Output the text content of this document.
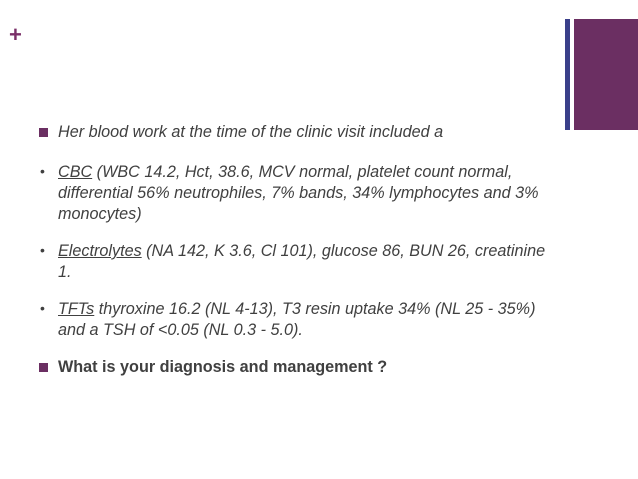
+
Her blood work at the time of the clinic visit included a
• CBC (WBC 14.2, Hct, 38.6, MCV normal, platelet count normal, differential 56% neutrophiles, 7% bands, 34% lymphocytes and 3% monocytes)
• Electrolytes (NA 142, K 3.6, Cl 101), glucose 86, BUN 26, creatinine 1.
• TFTs thyroxine 16.2 (NL 4-13), T3 resin uptake 34% (NL 25 - 35%) and a TSH of <0.05 (NL 0.3 - 5.0).
What is your diagnosis and management ?
